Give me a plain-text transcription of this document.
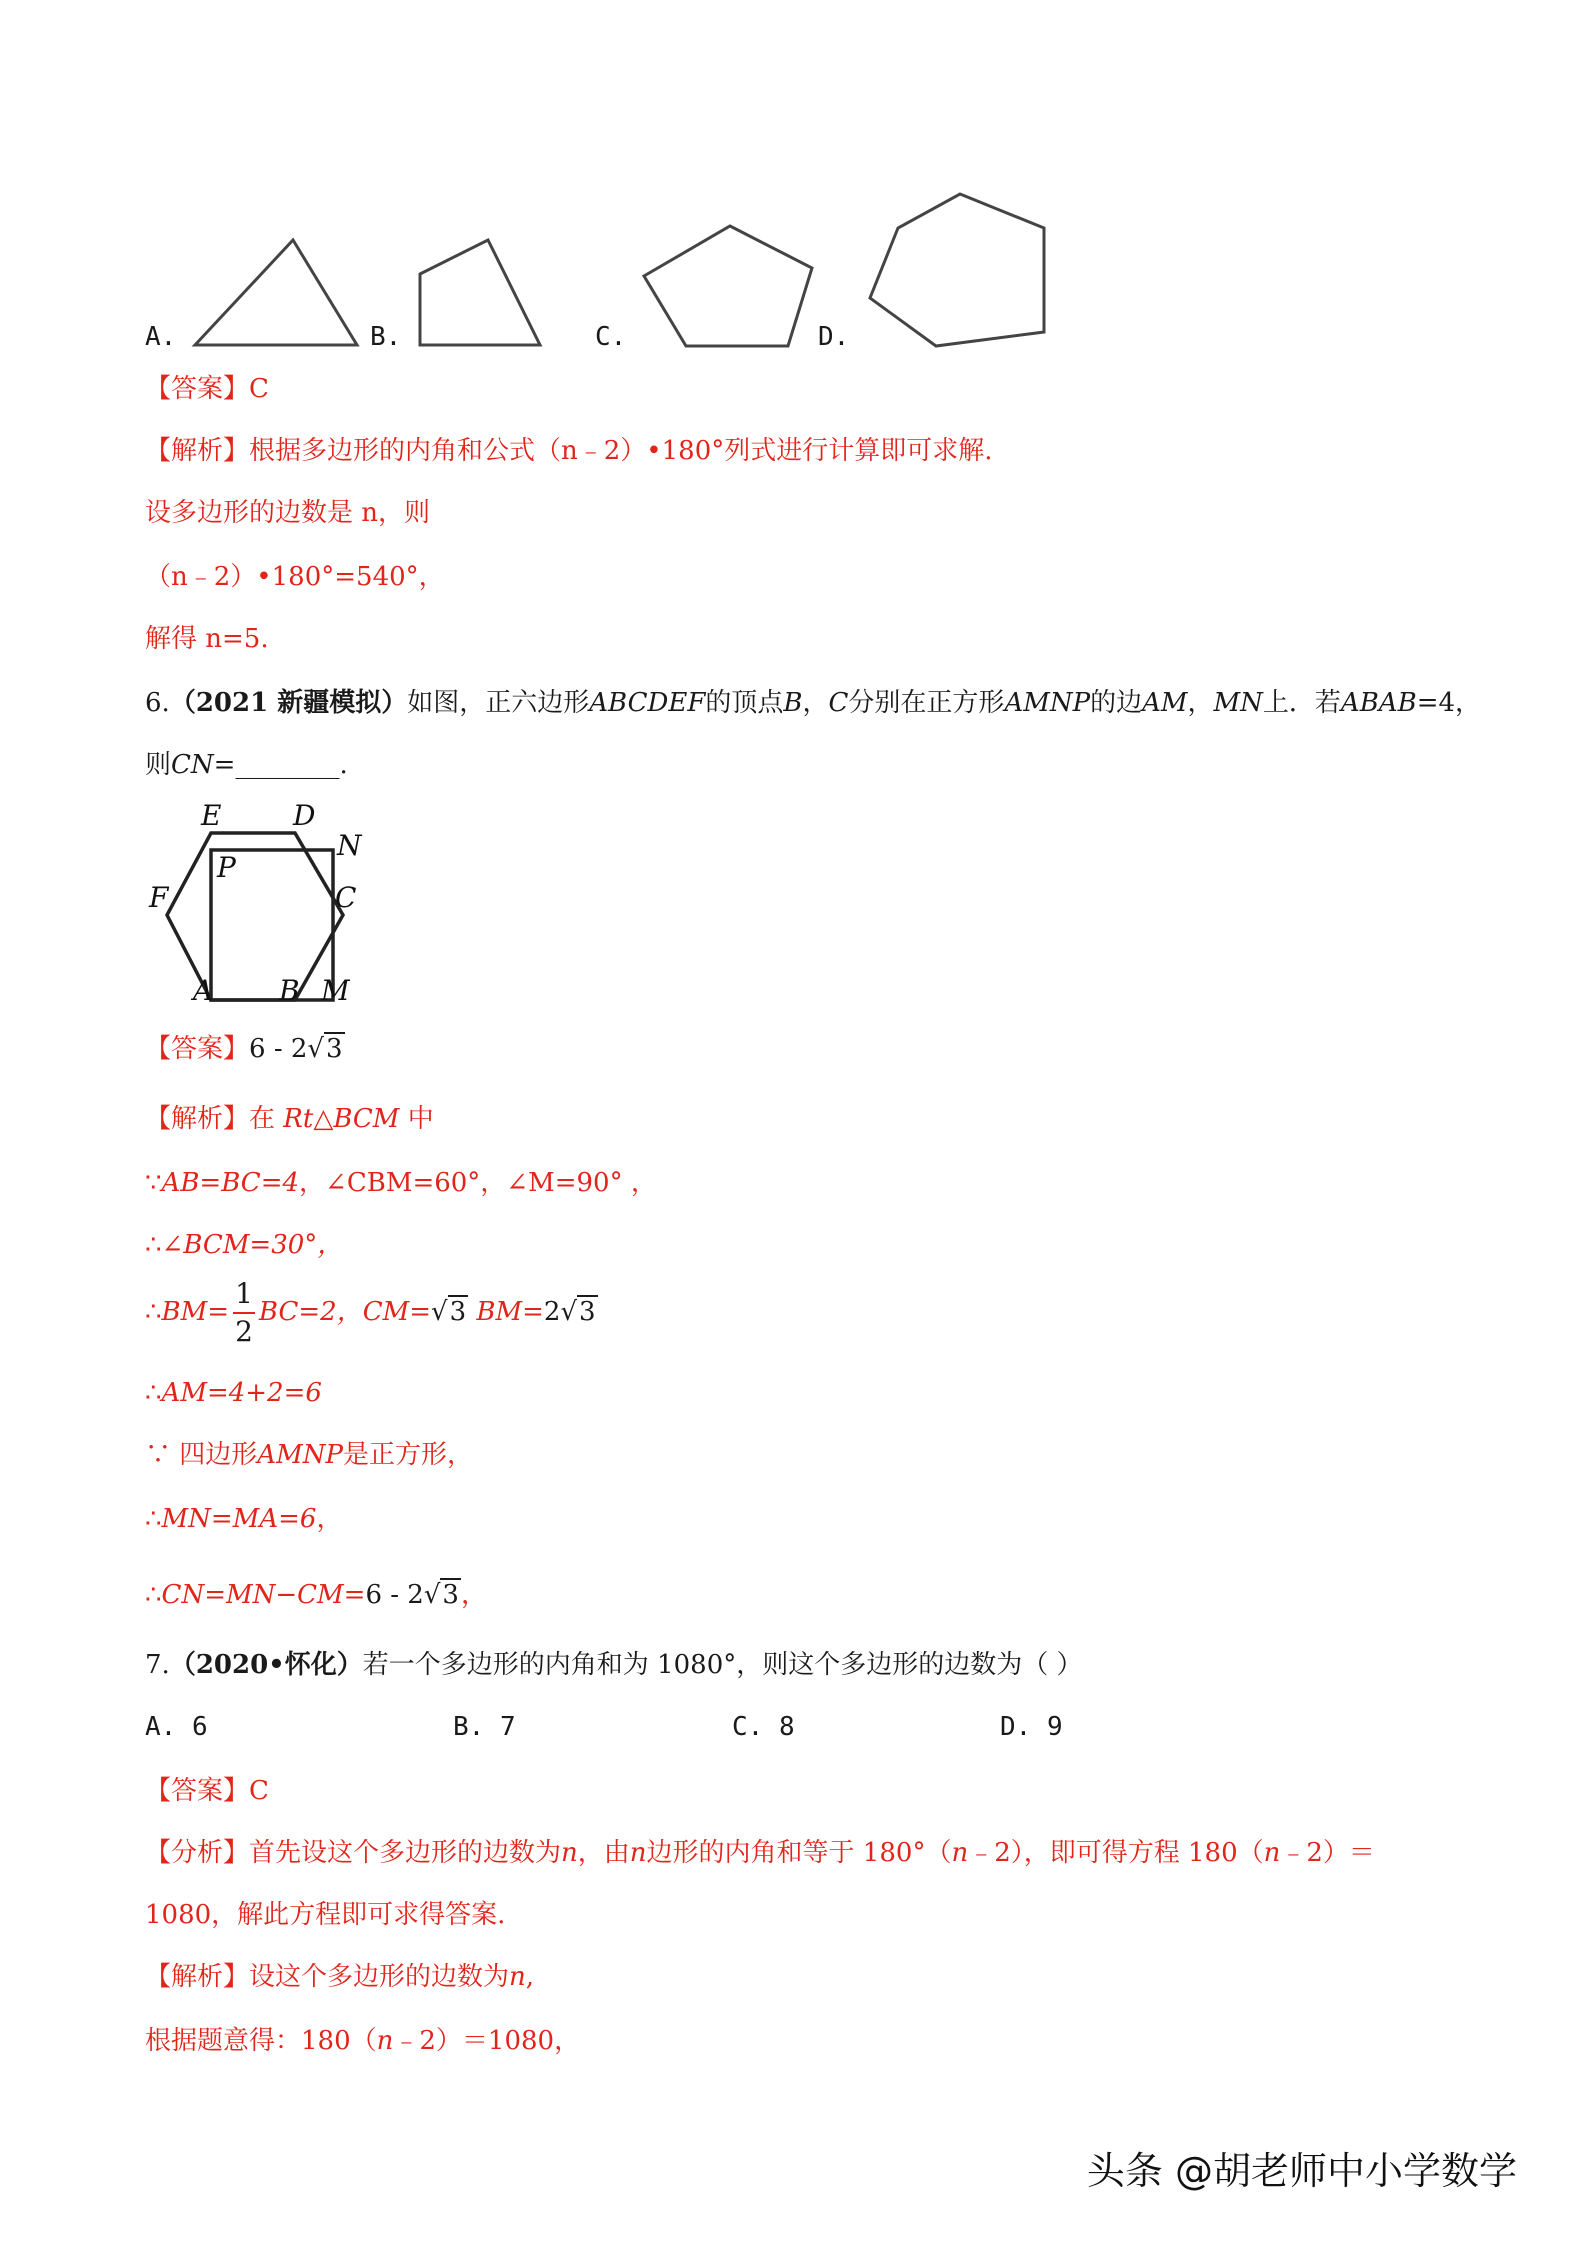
A.	B.	C.	D.
【答案】C
【解析】根据多边形的内角和公式（n﹣2）•180°列式进行计算即可求解.
设多边形的边数是 n，则
（n﹣2）•180°=540°，
解得 n=5.
6.（2021 新疆模拟）如图，正六边形ABCDEF的顶点B，C分别在正方形AMNP的边AM，MN上．若ABAB=4，
则CN=________.
E	D
N
P
F	C
A B M
【答案】6 - 2√3
【解析】在 Rt△BCM 中
∵AB=BC=4，∠CBM=60°，∠M=90° ，
∴∠BCM=30°，
∴BM= $\frac{1}{2} BC=2$，CM=√3 BM=2√3
∴AM=4+2=6
∵ 四边形AMNP是正方形，
∴MN=MA=6，
∴CN=MN−CM=6 - 2√3，
7.（2020•怀化）若一个多边形的内角和为 1080°，则这个多边形的边数为（ ）
A. 6	B. 7	C. 8	D. 9
【答案】C
【分析】首先设这个多边形的边数为n，由n边形的内角和等于 180°（n﹣2），即可得方程 180（n﹣2）＝
1080，解此方程即可求得答案.
【解析】设这个多边形的边数为n,
根据题意得：180（n﹣2）＝1080，
头条 @胡老师中小学数学
